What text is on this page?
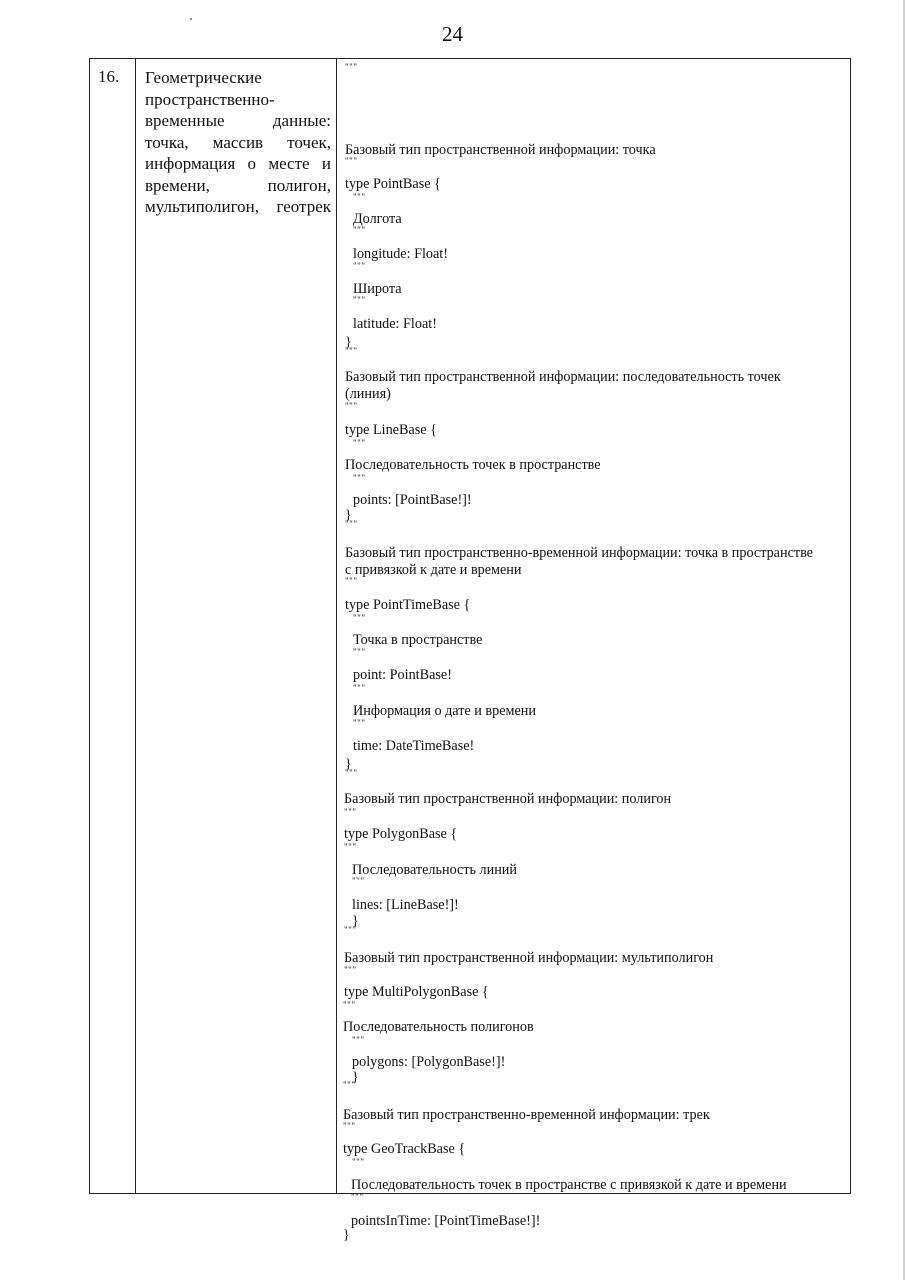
24
16.	Геометрические
пространственно-
временные	данные:
точка, массив точек,
информация о месте и
времени,	полигон,
мультиполигон, геотрек
"""
Базовый тип пространственной информации: точка
"""
type PointBase {
"""
Долгота
"""
longitude: Float!
"""
Широта
"""
latitude: Float!
}
"""
Базовый тип пространственной информации: последовательность точек
(линия)
"""
type LineBase {
"""
Последовательность точек в пространстве
"""
points: [PointBase!]!
}
"""
Базовый тип пространственно-временной информации: точка в пространстве
с привязкой к дате и времени
"""
type PointTimeBase {
"""
Точка в пространстве
"""
point: PointBase!
"""
Информация о дате и времени
"""
time: DateTimeBase!
}
"""
Базовый тип пространственной информации: полигон
"""
type PolygonBase {
"""
Последовательность линий
"""
lines: [LineBase!]!
}
"""
Базовый тип пространственной информации: мультиполигон
"""
type MultiPolygonBase {
"""
Последовательность полигонов
"""
polygons: [PolygonBase!]!
}
"""
Базовый тип пространственно-временной информации: трек
"""
type GeoTrackBase {
"""
Последовательность точек в пространстве с привязкой к дате и времени
"""
pointsInTime: [PointTimeBase!]!
}
